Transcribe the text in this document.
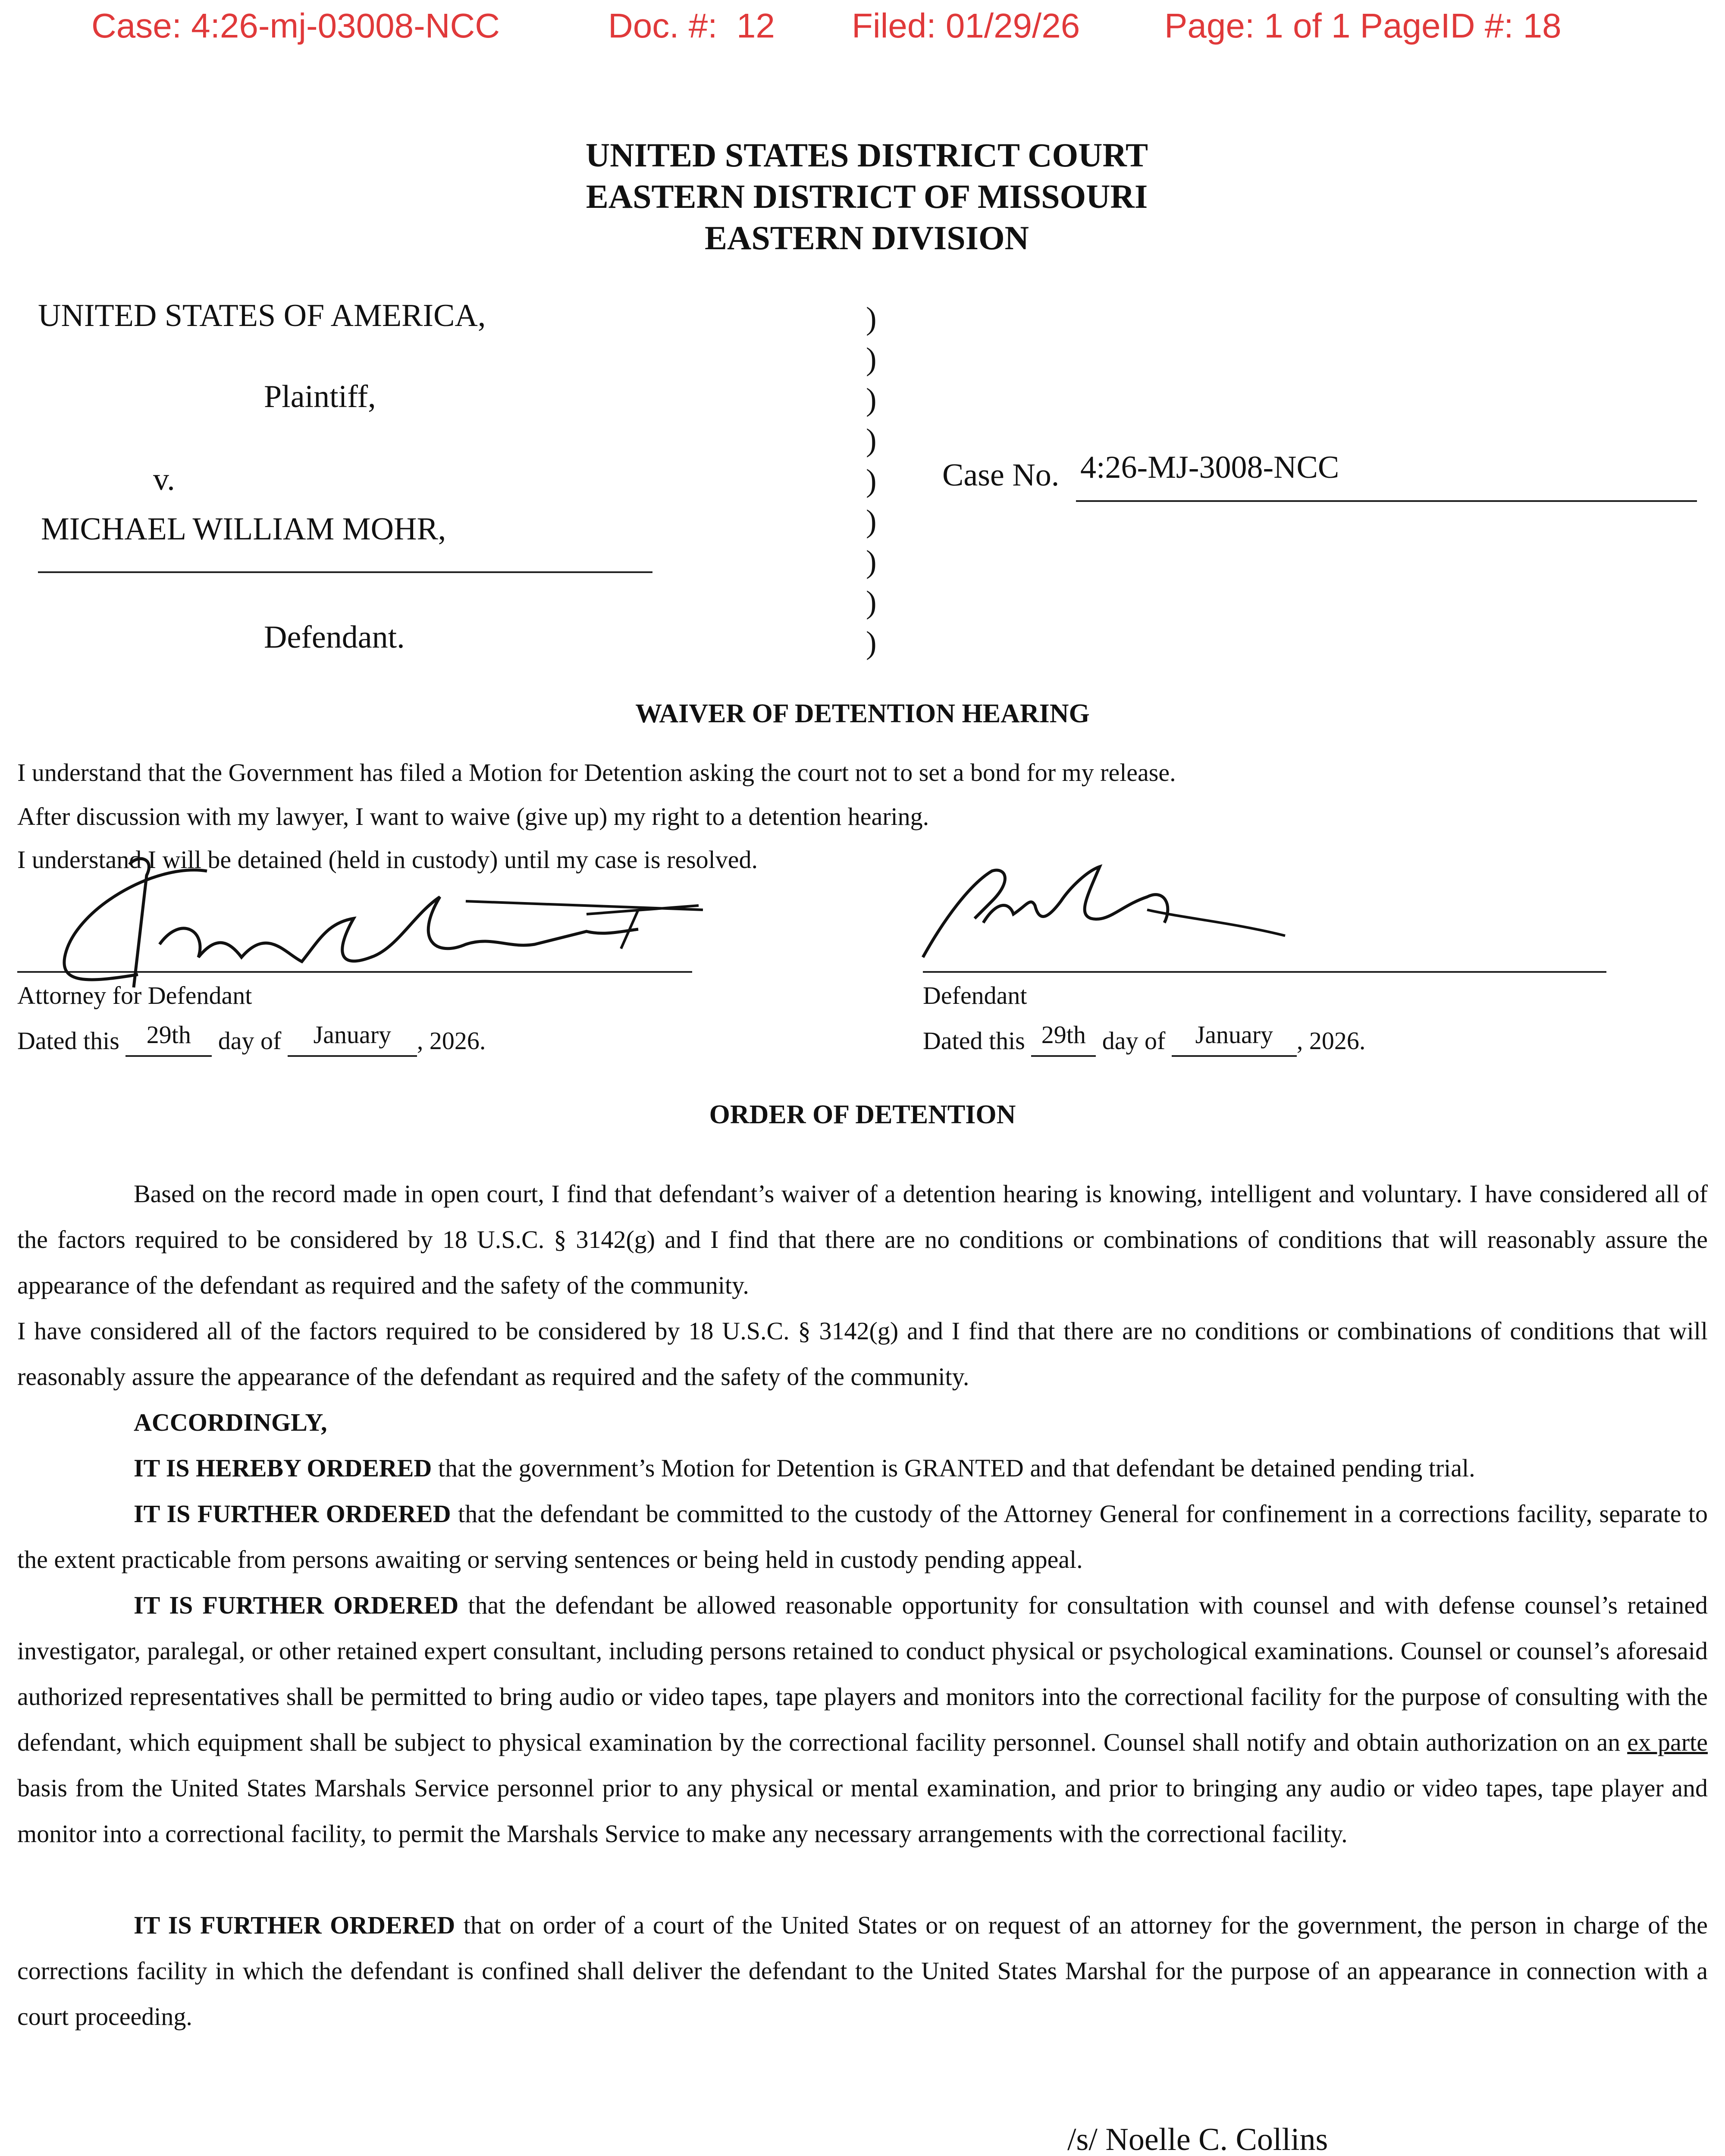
Case: 4:26-mj-03008-NCC	Doc. #:  12 Filed: 01/29/26 Page: 1 of 1 PageID #: 18
UNITED STATES DISTRICT COURT
EASTERN DISTRICT OF MISSOURI
EASTERN DIVISION
UNITED STATES OF AMERICA,
Plaintiff,
v.
MICHAEL WILLIAM MOHR,
Defendant.
)
)
)
)
)
)
)
)
)
Case No. 4:26-MJ-3008-NCC
WAIVER OF DETENTION HEARING
I understand that the Government has filed a Motion for Detention asking the court not to set a bond for my release.
After discussion with my lawyer, I want to waive (give up) my right to a detention hearing.
I understand I will be detained (held in custody) until my case is resolved.
Attorney for Defendant
Dated this 29th day of January , 2026.
Defendant
Dated this 29th day of January , 2026.
ORDER OF DETENTION
Based on the record made in open court, I find that defendant’s waiver of a detention hearing is knowing, intelligent and voluntary. I have considered all of the factors required to be considered by 18 U.S.C. § 3142(g) and I find that there are no conditions or combinations of conditions that will reasonably assure the appearance of the defendant as required and the safety of the community.
I have considered all of the factors required to be considered by 18 U.S.C. § 3142(g) and I find that there are no conditions or combinations of conditions that will reasonably assure the appearance of the defendant as required and the safety of the community.
ACCORDINGLY,
IT IS HEREBY ORDERED that the government’s Motion for Detention is GRANTED and that defendant be detained pending trial.
IT IS FURTHER ORDERED that the defendant be committed to the custody of the Attorney General for confinement in a corrections facility, separate to the extent practicable from persons awaiting or serving sentences or being held in custody pending appeal.
IT IS FURTHER ORDERED that the defendant be allowed reasonable opportunity for consultation with counsel and with defense counsel’s retained investigator, paralegal, or other retained expert consultant, including persons retained to conduct physical or psychological examinations. Counsel or counsel’s aforesaid authorized representatives shall be permitted to bring audio or video tapes, tape players and monitors into the correctional facility for the purpose of consulting with the defendant, which equipment shall be subject to physical examination by the correctional facility personnel. Counsel shall notify and obtain authorization on an ex parte basis from the United States Marshals Service personnel prior to any physical or mental examination, and prior to bringing any audio or video tapes, tape player and monitor into a correctional facility, to permit the Marshals Service to make any necessary arrangements with the correctional facility.
IT IS FURTHER ORDERED that on order of a court of the United States or on request of an attorney for the government, the person in charge of the corrections facility in which the defendant is confined shall deliver the defendant to the United States Marshal for the purpose of an appearance in connection with a court proceeding.
/s/ Noelle C. Collins
